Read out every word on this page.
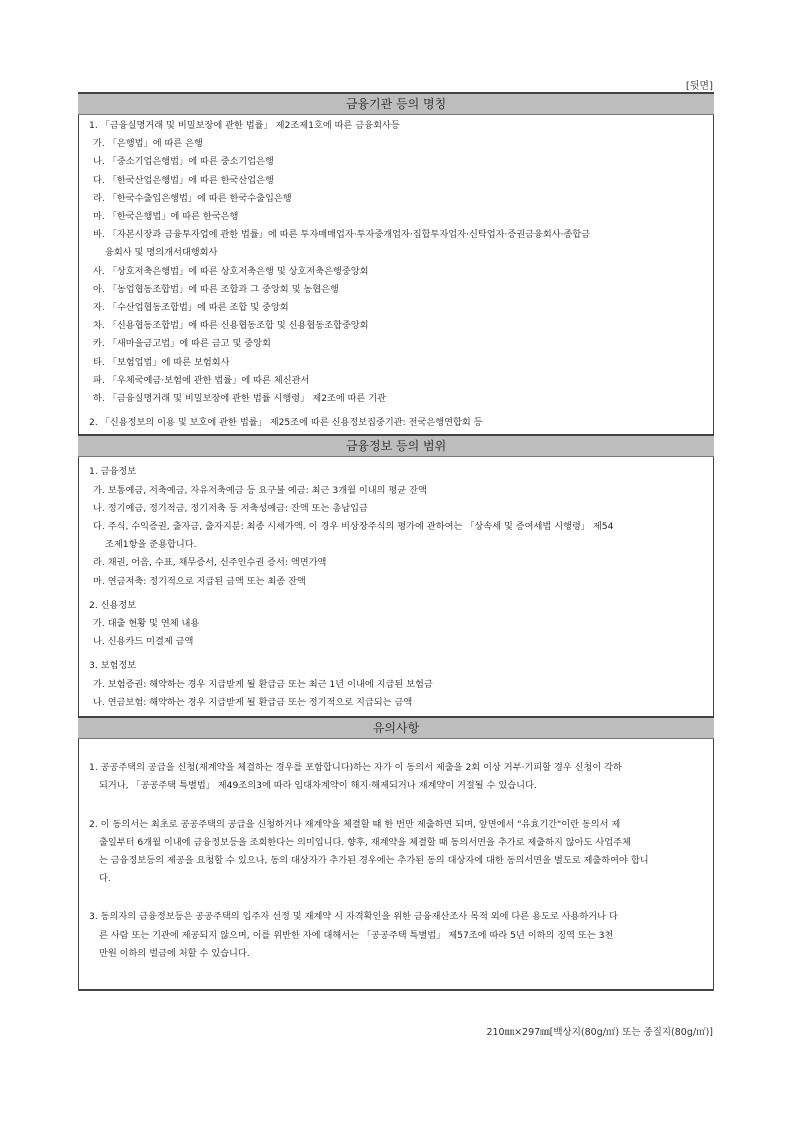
[뒷면]
금융기관 등의 명칭
1. 「금융실명거래 및 비밀보장에 관한 법률」 제2조제1호에 따른 금융회사등
가. 「은행법」에 따른 은행
나. 「중소기업은행법」에 따른 중소기업은행
다. 「한국산업은행법」에 따른 한국산업은행
라. 「한국수출입은행법」에 따른 한국수출입은행
마. 「한국은행법」에 따른 한국은행
바. 「자본시장과 금융투자업에 관한 법률」에 따른 투자매매업자·투자중개업자·집합투자업자·신탁업자·증권금융회사·종합금
융회사 및 명의개서대행회사
사. 「상호저축은행법」에 따른 상호저축은행 및 상호저축은행중앙회
아. 「농업협동조합법」에 따른 조합과 그 중앙회 및 농협은행
자. 「수산업협동조합법」에 따른 조합 및 중앙회
차. 「신용협동조합법」에 따른 신용협동조합 및 신용협동조합중앙회
카. 「새마을금고법」에 따른 금고 및 중앙회
타. 「보험업법」에 따른 보험회사
파. 「우체국예금·보험에 관한 법률」에 따른 체신관서
하. 「금융실명거래 및 비밀보장에 관한 법률 시행령」 제2조에 따른 기관
2. 「신용정보의 이용 및 보호에 관한 법률」 제25조에 따른 신용정보집중기관: 전국은행연합회 등
금융정보 등의 범위
1. 금융정보
가. 보통예금, 저축예금, 자유저축예금 등 요구불 예금: 최근 3개월 이내의 평균 잔액
나. 정기예금, 정기적금, 정기저축 등 저축성예금: 잔액 또는 총납입금
다. 주식, 수익증권, 출자금, 출자지분: 최종 시세가액. 이 경우 비상장주식의 평가에 관하여는 「상속세 및 증여세법 시행령」 제54
조제1항을 준용합니다.
라. 채권, 어음, 수표, 채무증서, 신주인수권 증서: 액면가액
마. 연금저축: 정기적으로 지급된 금액 또는 최종 잔액
2. 신용정보
가. 대출 현황 및 연체 내용
나. 신용카드 미결제 금액
3. 보험정보
가. 보험증권: 해약하는 경우 지급받게 될 환급금 또는 최근 1년 이내에 지급된 보험금
나. 연금보험: 해약하는 경우 지급받게 될 환급금 또는 정기적으로 지급되는 금액
유의사항
1. 공공주택의 공급을 신청(재계약을 체결하는 경우를 포함합니다)하는 자가 이 동의서 제출을 2회 이상 거부·기피할 경우 신청이 각하
되거나, 「공공주택 특별법」 제49조의3에 따라 임대차계약이 해지·해제되거나 재계약이 거절될 수 있습니다.
2. 이 동의서는 최초로 공공주택의 공급을 신청하거나 재계약을 체결할 때 한 번만 제출하면 되며, 앞면에서 "유효기간"이란 동의서 제
출일부터 6개월 이내에 금융정보등을 조회한다는 의미입니다. 향후, 재계약을 체결할 때 동의서면을 추가로 제출하지 않아도 사업주체
는 금융정보등의 제공을 요청할 수 있으나, 동의 대상자가 추가된 경우에는 추가된 동의 대상자에 대한 동의서면을 별도로 제출하여야 합니
다.
3. 동의자의 금융정보등은 공공주택의 입주자 선정 및 재계약 시 자격확인을 위한 금융재산조사 목적 외에 다른 용도로 사용하거나 다
른 사람 또는 기관에 제공되지 않으며, 이를 위반한 자에 대해서는 「공공주택 특별법」 제57조에 따라 5년 이하의 징역 또는 3천
만원 이하의 벌금에 처할 수 있습니다.
210㎜×297㎜[백상지(80g/㎡) 또는 중질지(80g/㎡)]
